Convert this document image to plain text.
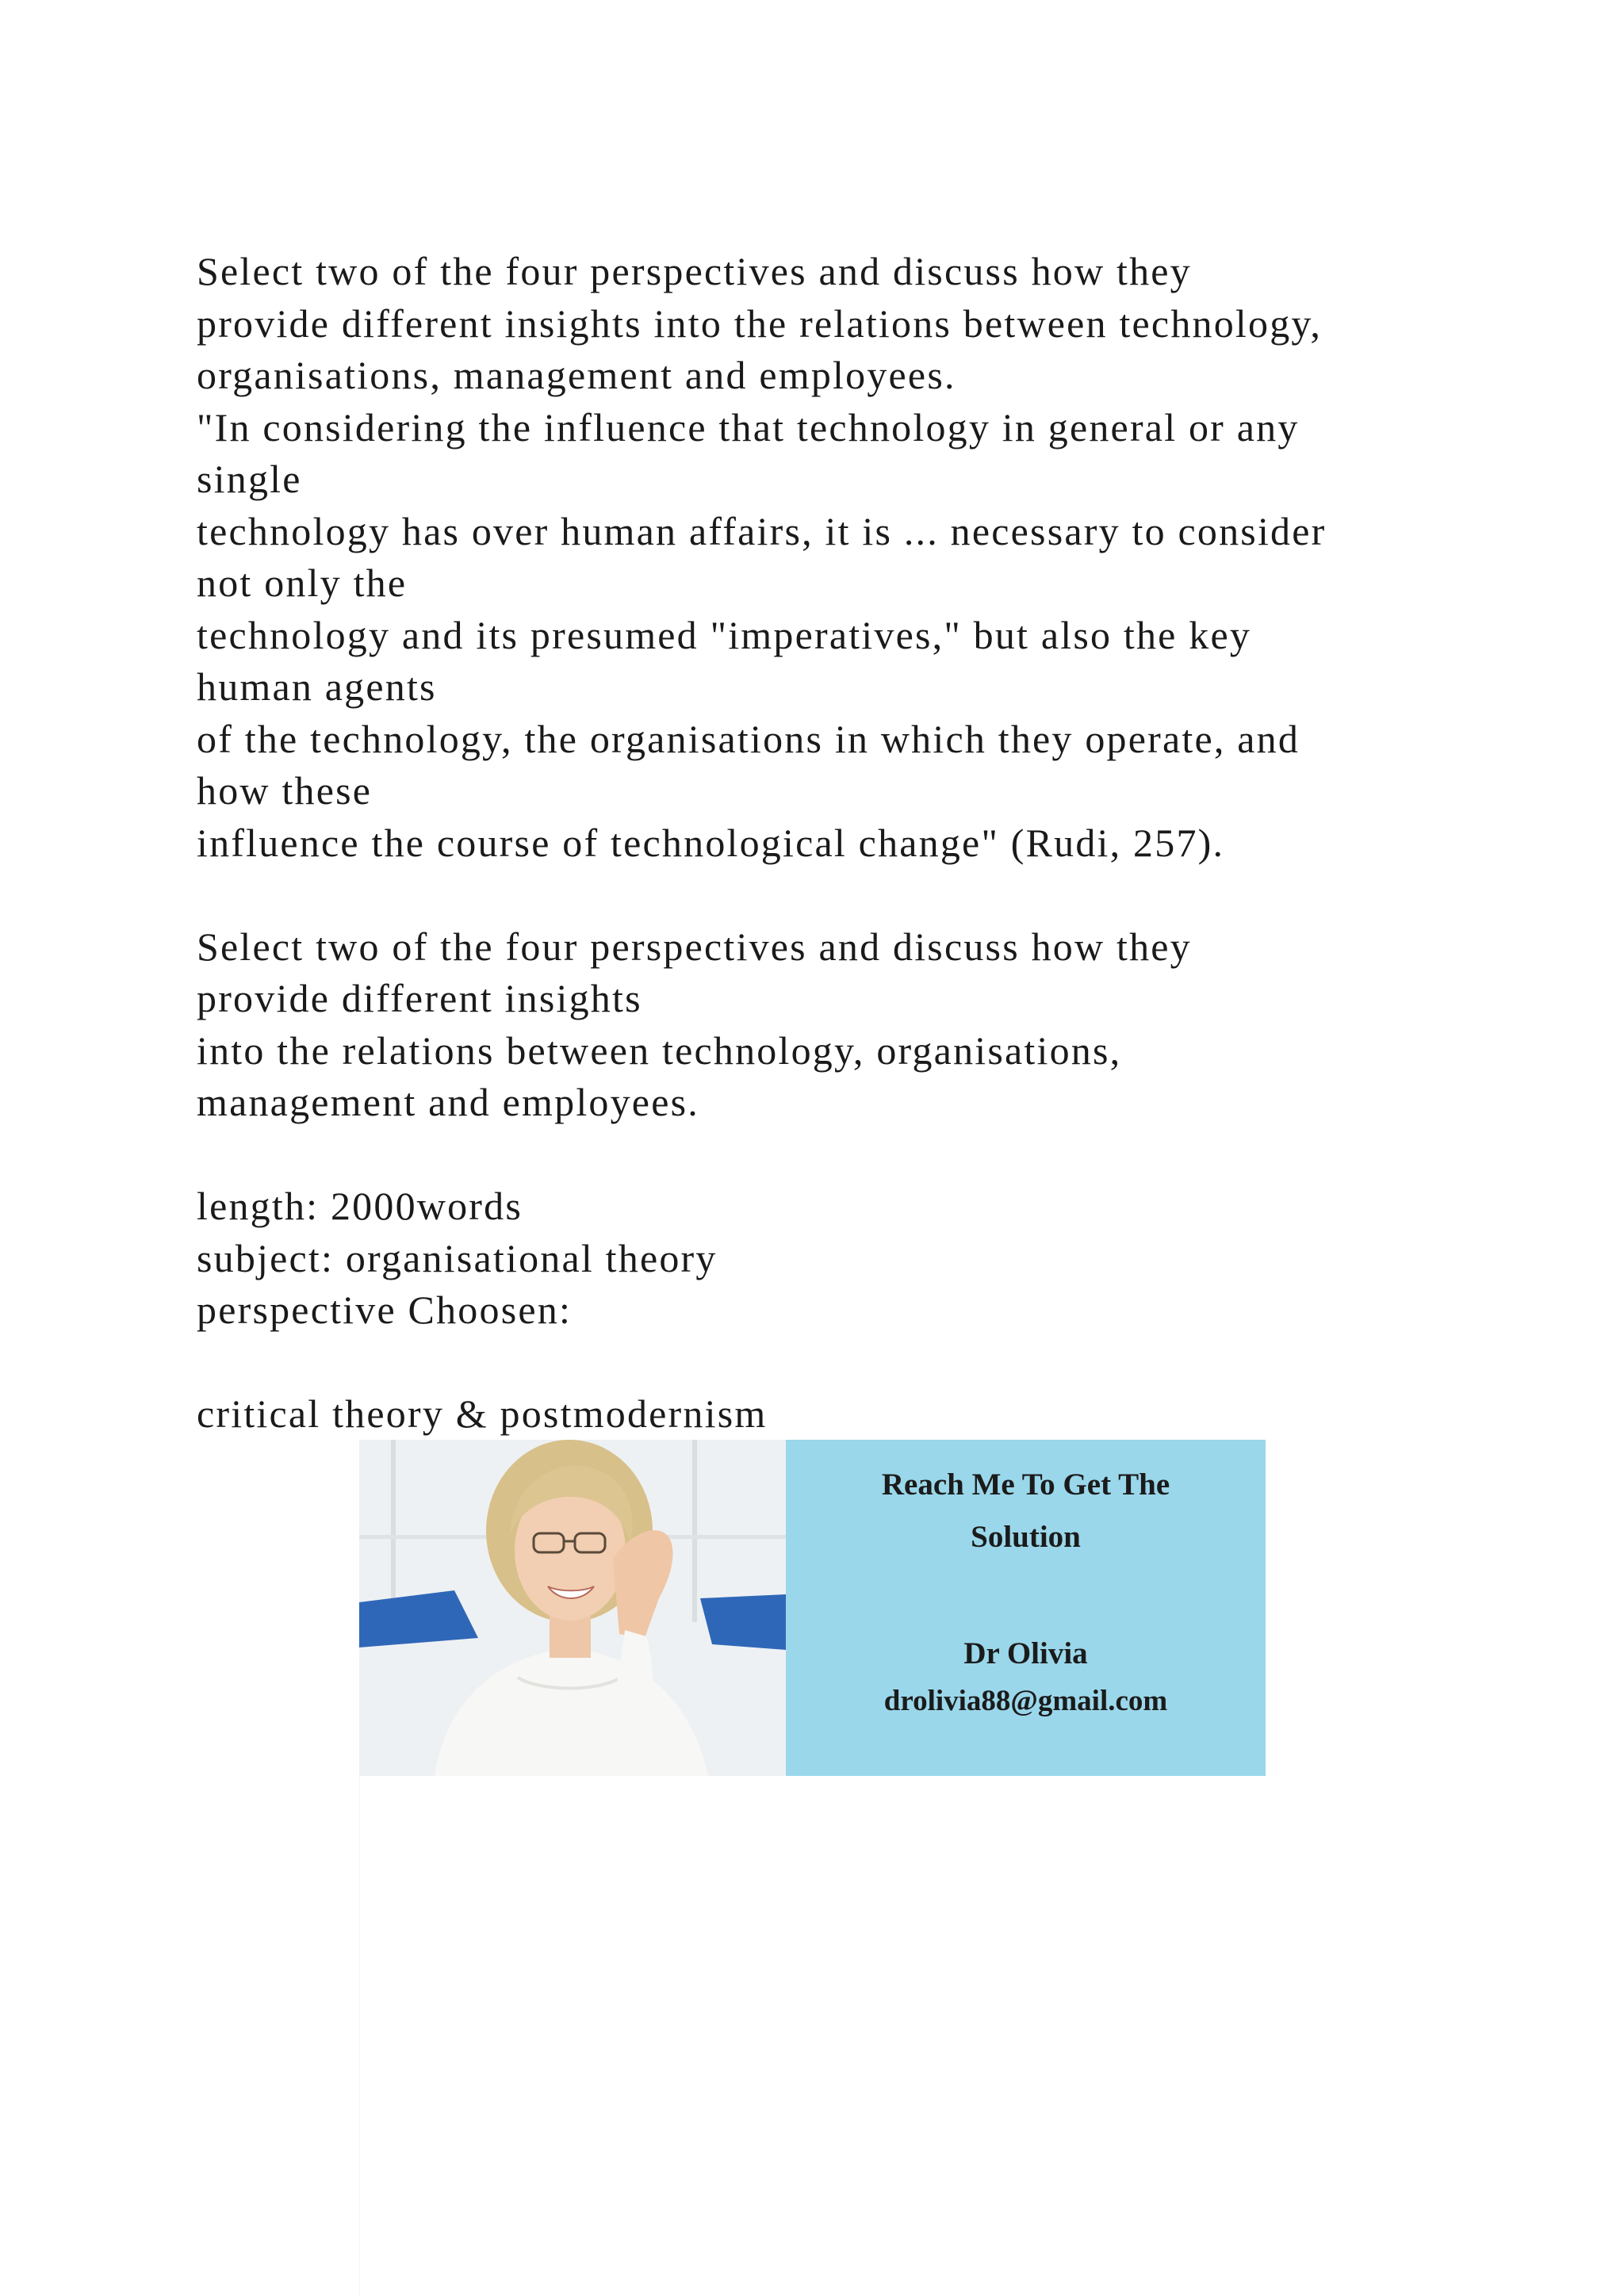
Select two of the four perspectives and discuss how they
provide different insights into the relations between technology,
organisations, management and employees.
"In considering the influence that technology in general or any
single
technology has over human affairs, it is ... necessary to consider
not only the
technology and its presumed "imperatives," but also the key
human agents
of the technology, the organisations in which they operate, and
how these
influence the course of technological change" (Rudi, 257).
Select two of the four perspectives and discuss how they
provide different insights
into the relations between technology, organisations,
management and employees.
length: 2000words
subject: organisational theory
perspective Choosen:
critical theory & postmodernism
Reach Me To Get The
Solution
Dr Olivia
drolivia88@gmail.com
